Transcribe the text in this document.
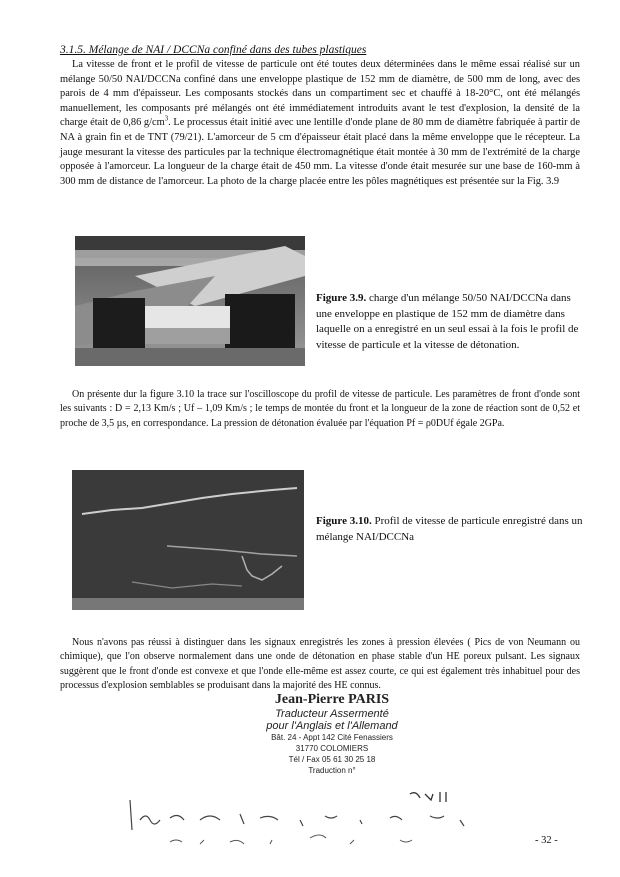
3.1.5. Mélange de NAI / DCCNa confiné dans des tubes plastiques

La vitesse de front et le profil de vitesse de particule ont été toutes deux déterminées dans le même essai réalisé sur un mélange 50/50 NAI/DCCNa confiné dans une enveloppe plastique de 152 mm de diamètre, de 500 mm de long, avec des parois de 4 mm d'épaisseur. Les composants stockés dans un compartiment sec et chauffé à 18-20°C, ont été mélangés manuellement, les composants pré mélangés ont été immédiatement introduits avant le test d'explosion, la densité de la charge était de 0,86 $g/cm^3$. Le processus était initié avec une lentille d'onde plane de 80 mm de diamètre fabriquée à partir de NA à grain fin et de TNT (79/21). L'amorceur de 5 cm d'épaisseur était placé dans la même enveloppe que le récepteur. La jauge mesurant la vitesse des particules par la technique électromagnétique était montée à 30 mm de l'extrémité de la charge opposée à l'amorceur. La longueur de la charge était de 450 mm. La vitesse d'onde était mesurée sur une base de 160-mm à 300 mm de distance de l'amorceur. La photo de la charge placée entre les pôles magnétiques est présentée sur la Fig. 3.9

Figure 3.9. charge d'un mélange 50/50 NAI/DCCNa dans une enveloppe en plastique de 152 mm de diamètre dans laquelle on a enregistré en un seul essai à la fois le profil de vitesse de particule et la vitesse de détonation.

On présente dur la figure 3.10 la trace sur l'oscilloscope du profil de vitesse de particule. Les paramètres de front d'onde sont les suivants : D = 2,13 Km/s ; Uf – 1,09 Km/s ; le temps de montée du front et la longueur de la zone de réaction sont de 0,52 et proche de 3,5 µs, en correspondance. La pression de détonation évaluée par l'équation Pf = ρ0DUf égale 2GPa.

Figure 3.10. Profil de vitesse de particule enregistré dans un mélange NAI/DCCNa

Nous n'avons pas réussi à distinguer dans les signaux enregistrés les zones à pression élevées ( Pics de von Neumann ou chimique), que l'on observe normalement dans une onde de détonation en phase stable d'un HE poreux pulsant. Les signaux suggèrent que le front d'onde est convexe et que l'onde elle-même est assez courte, ce qui est également très inhabituel pour des processus d'explosion semblables se produisant dans la majorité des HE connus.

Jean-Pierre PARIS
Traducteur Assermenté
pour l'Anglais et l'Allemand
Bât. 24 - Appt 142 Cité Fenassiers
31770 COLOMIERS
Tél / Fax 05 61 30 25 18
Traduction n°
- 32 -
